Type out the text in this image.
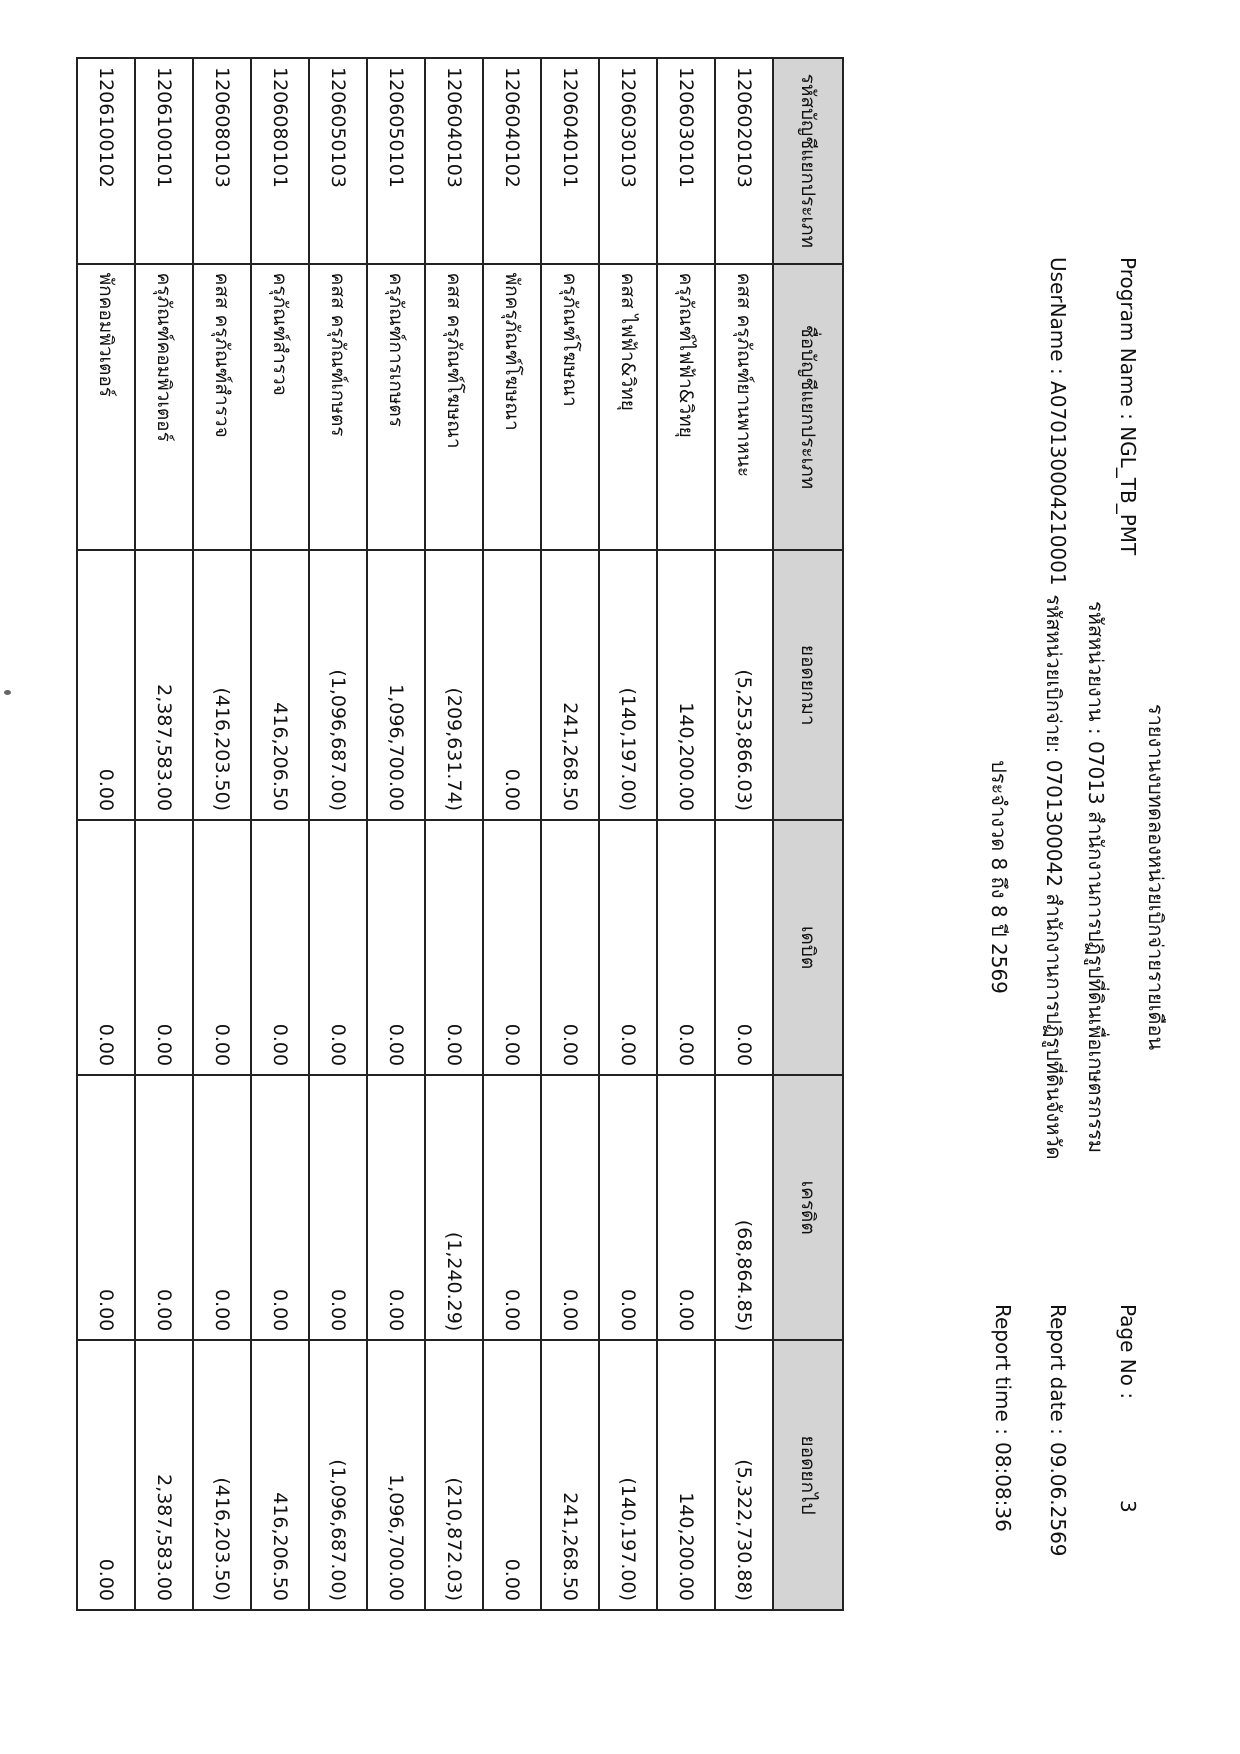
Program Name : NGL_TB_PMT
UserName : A070130004210001
รายงานงบทดลองหน่วยเบิกจ่ายรายเดือน
รหัสหน่วยงาน : 07013 สำนักงานการปฏิรูปที่ดินเพื่อเกษตรกรรม
รหัสหน่วยเบิกจ่าย: 0701300042 สำนักงานการปฏิรูปที่ดินจังหวัด
ประจำงวด 8 ถึง 8 ปี 2569
Page No :
3
Report date :
09.06.2569
Report time :
08:08:36
รหัสบัญชีแยกประเภท	ชื่อบัญชีแยกประเภท	ยอดยกมา	เดบิต	เครดิต	ยอดยกไป
1206020103	คสส ครุภัณฑ์ยานพาหนะ	(5,253,866.03)	0.00	(68,864.85)	(5,322,730.88)
1206030101	ครุภัณฑ์ไฟฟ้า&วิทยุ	140,200.00	0.00	0.00	140,200.00
1206030103	คสส ไฟฟ้า&วิทยุ	(140,197.00)	0.00	0.00	(140,197.00)
1206040101	ครุภัณฑ์โฆษณา	241,268.50	0.00	0.00	241,268.50
1206040102	พักครุภัณฑ์โฆษณา	0.00	0.00	0.00	0.00
1206040103	คสส ครุภัณฑ์โฆษณา	(209,631.74)	0.00	(1,240.29)	(210,872.03)
1206050101	ครุภัณฑ์การเกษตร	1,096,700.00	0.00	0.00	1,096,700.00
1206050103	คสส ครุภัณฑ์เกษตร	(1,096,687.00)	0.00	0.00	(1,096,687.00)
1206080101	ครุภัณฑ์สำรวจ	416,206.50	0.00	0.00	416,206.50
1206080103	คสส ครุภัณฑ์สำรวจ	(416,203.50)	0.00	0.00	(416,203.50)
1206100101	ครุภัณฑ์คอมพิวเตอร์	2,387,583.00	0.00	0.00	2,387,583.00
1206100102	พักคอมพิวเตอร์	0.00	0.00	0.00	0.00
